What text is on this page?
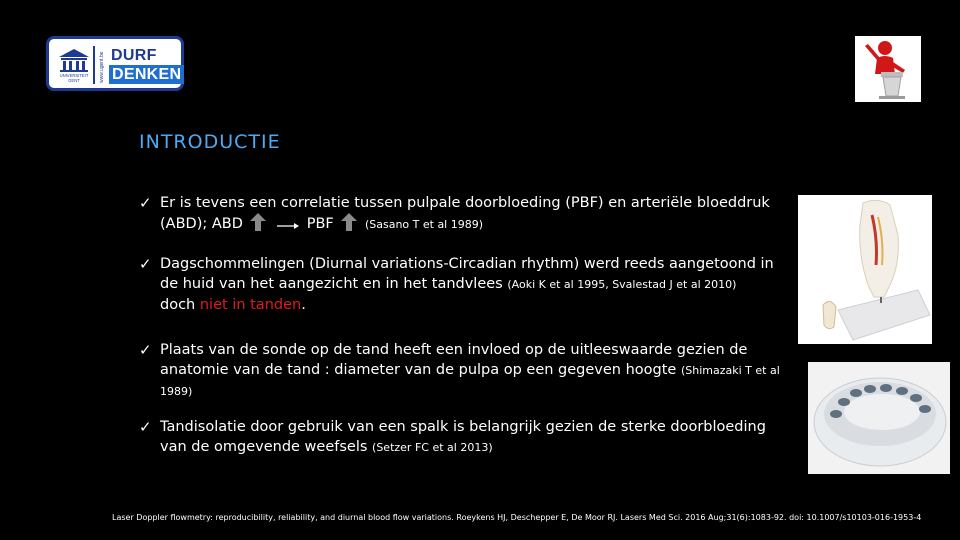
UNIVERSITEIT
GENT	www.ugent.be DURF
DENKEN
INTRODUCTIE
✓ Er is tevens een correlatie tussen pulpale doorbloeding (PBF) en arteriële bloeddruk (ABD); ABD	PBF	(Sasano T et al 1989)
✓ Dagschommelingen (Diurnal variations-Circadian rhythm) werd reeds aangetoond in de huid van het aangezicht en in het tandvlees (Aoki K et al 1995, Svalestad J et al 2010)
doch niet in tanden.
✓ Plaats van de sonde op de tand heeft een invloed op de uitleeswaarde gezien de anatomie van de tand : diameter van de pulpa op een gegeven hoogte (Shimazaki T et al 1989)
✓ Tandisolatie door gebruik van een spalk is belangrijk gezien de sterke doorbloeding van de omgevende weefsels (Setzer FC et al 2013)
Laser Doppler flowmetry: reproducibility, reliability, and diurnal blood flow variations. Roeykens HJ, Deschepper E, De Moor RJ. Lasers Med Sci. 2016 Aug;31(6):1083-92. doi: 10.1007/s10103-016-1953-4
